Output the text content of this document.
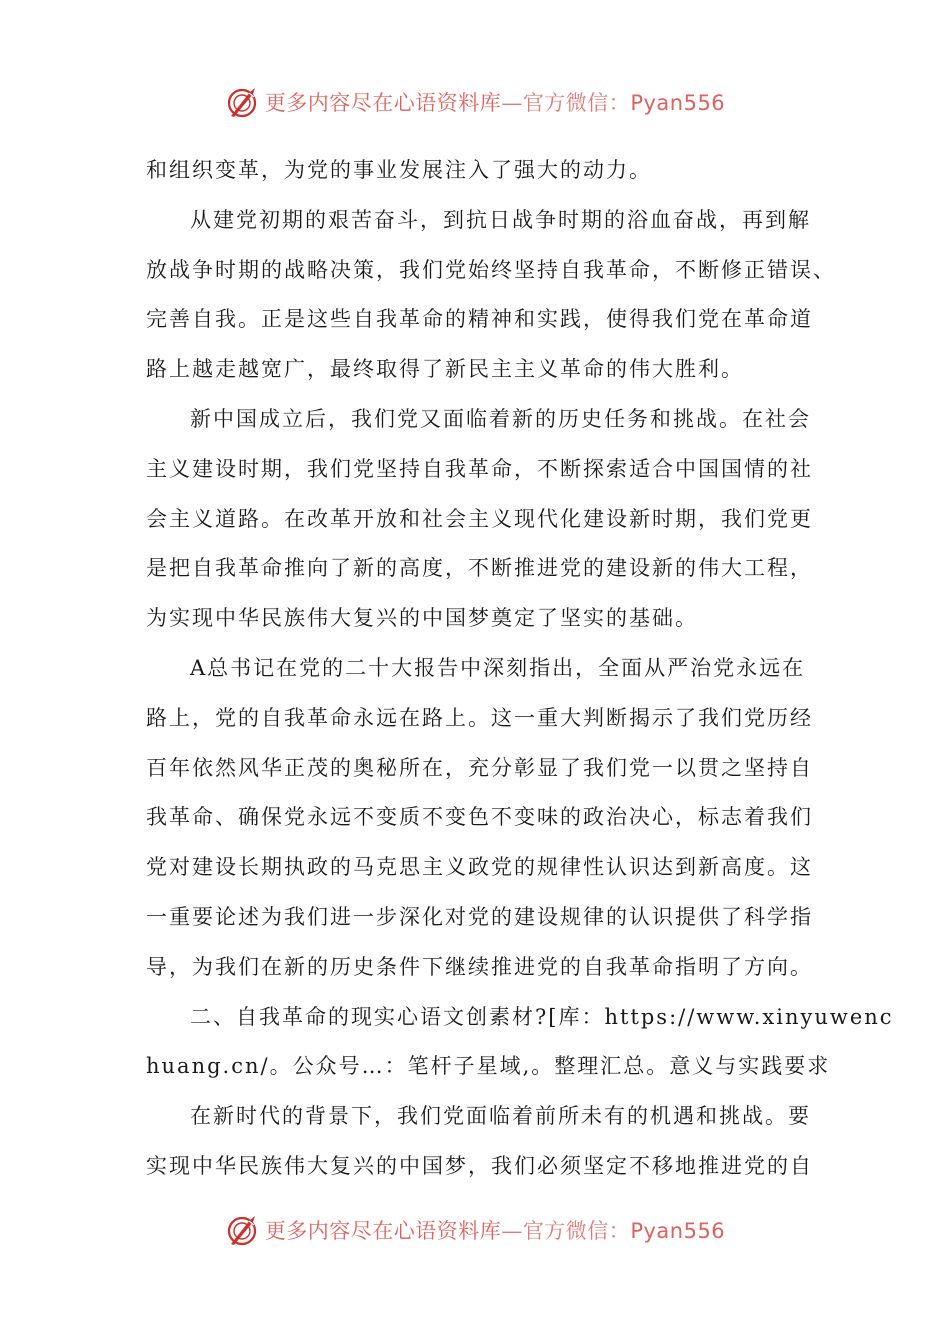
更多内容尽在心语资料库—官方微信：Pyan556
和组织变革，为党的事业发展注入了强大的动力。
从建党初期的艰苦奋斗，到抗日战争时期的浴血奋战，再到解
放战争时期的战略决策，我们党始终坚持自我革命，不断修正错误、
完善自我。正是这些自我革命的精神和实践，使得我们党在革命道
路上越走越宽广，最终取得了新民主主义革命的伟大胜利。
新中国成立后，我们党又面临着新的历史任务和挑战。在社会
主义建设时期，我们党坚持自我革命，不断探索适合中国国情的社
会主义道路。在改革开放和社会主义现代化建设新时期，我们党更
是把自我革命推向了新的高度，不断推进党的建设新的伟大工程，
为实现中华民族伟大复兴的中国梦奠定了坚实的基础。
A总书记在党的二十大报告中深刻指出，全面从严治党永远在
路上，党的自我革命永远在路上。这一重大判断揭示了我们党历经
百年依然风华正茂的奥秘所在，充分彰显了我们党一以贯之坚持自
我革命、确保党永远不变质不变色不变味的政治决心，标志着我们
党对建设长期执政的马克思主义政党的规律性认识达到新高度。这
一重要论述为我们进一步深化对党的建设规律的认识提供了科学指
导，为我们在新的历史条件下继续推进党的自我革命指明了方向。
二、自我革命的现实心语文创素材?[库：https://www.xinyuwenc
huang.cn/。公众号…：笔杆子星域,。整理汇总。意义与实践要求
在新时代的背景下，我们党面临着前所未有的机遇和挑战。要
实现中华民族伟大复兴的中国梦，我们必须坚定不移地推进党的自
更多内容尽在心语资料库—官方微信：Pyan556
